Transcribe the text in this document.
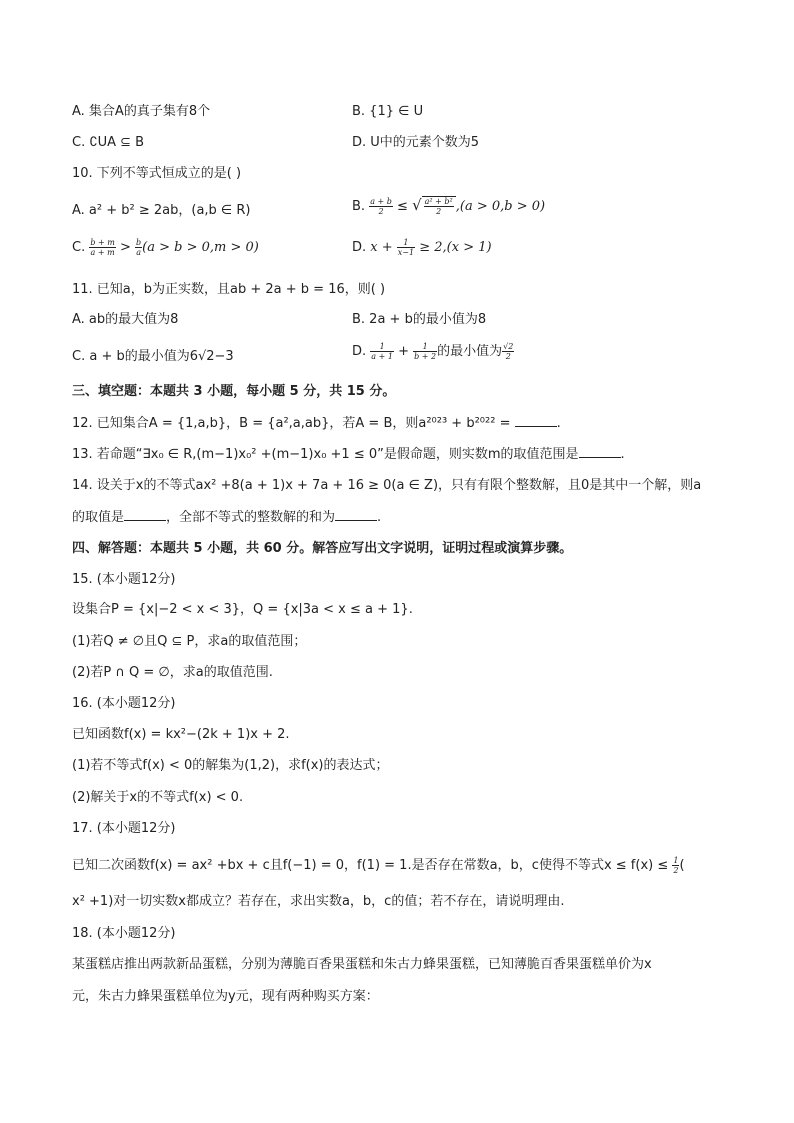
A. 集合A的真子集有8个	B. {1} ∈ U
C. ∁UA ⊆ B	D. U中的元素个数为5
10. 下列不等式恒成立的是( )
A. a² + b² ≥ 2ab，(a,b ∈ R)	B. $\frac{a + b}{2}$ ≤ √ $\frac{\text{a² + b²}}{2} ,(a > 0,b > 0)$
C. $\frac{b + m}{a + m} > \frac{b}{a} (a > b > 0,m > 0)$	D. $x + \frac{1}{x-1} \ge 2,(x > 1)$
11. 已知a，b为正实数，且ab + 2a + b = 16，则( )
A. ab的最大值为8	B. 2a + b的最小值为8
C. a + b的最小值为6√2−3	D. $\frac{1}{a + 1} + \frac{1}{b + 2}$ 的最小值为 $\frac{√2}{2}$
三、填空题：本题共 3 小题，每小题 5 分，共 15 分。
12. 已知集合A = {1,a,b}，B = {a²,a,ab}，若A = B，则a²⁰²³ + b²⁰²² =	.
13. 若命题“∃x₀ ∈ R,(m−1)x₀² +(m−1)x₀ +1 ≤ 0”是假命题，则实数m的取值范围是	.
14. 设关于x的不等式ax² +8(a + 1)x + 7a + 16 ≥ 0(a ∈ Z)，只有有限个整数解，且0是其中一个解，则a
的取值是	，全部不等式的整数解的和为	.
四、解答题：本题共 5 小题，共 60 分。解答应写出文字说明，证明过程或演算步骤。
15. (本小题12分)
设集合P = {x|−2 < x < 3}，Q = {x|3a < x ≤ a + 1}.
(1)若Q ≠ ∅且Q ⊆ P，求a的取值范围；
(2)若P ∩ Q = ∅，求a的取值范围.
16. (本小题12分)
已知函数f(x) = kx²−(2k + 1)x + 2.
(1)若不等式f(x) < 0的解集为(1,2)，求f(x)的表达式；
(2)解关于x的不等式f(x) < 0.
17. (本小题12分)
已知二次函数f(x) = ax² +bx + c且f(−1) = 0，f(1) = 1.是否存在常数a，b，c使得不等式$x \le f(x) \le \frac{1}{2}$ (
x² +1)对一切实数x都成立？若存在，求出实数a，b，c的值；若不存在，请说明理由.
18. (本小题12分)
某蛋糕店推出两款新品蛋糕，分别为薄脆百香果蛋糕和朱古力蜂果蛋糕，已知薄脆百香果蛋糕单价为x
元，朱古力蜂果蛋糕单位为y元，现有两种购买方案：
